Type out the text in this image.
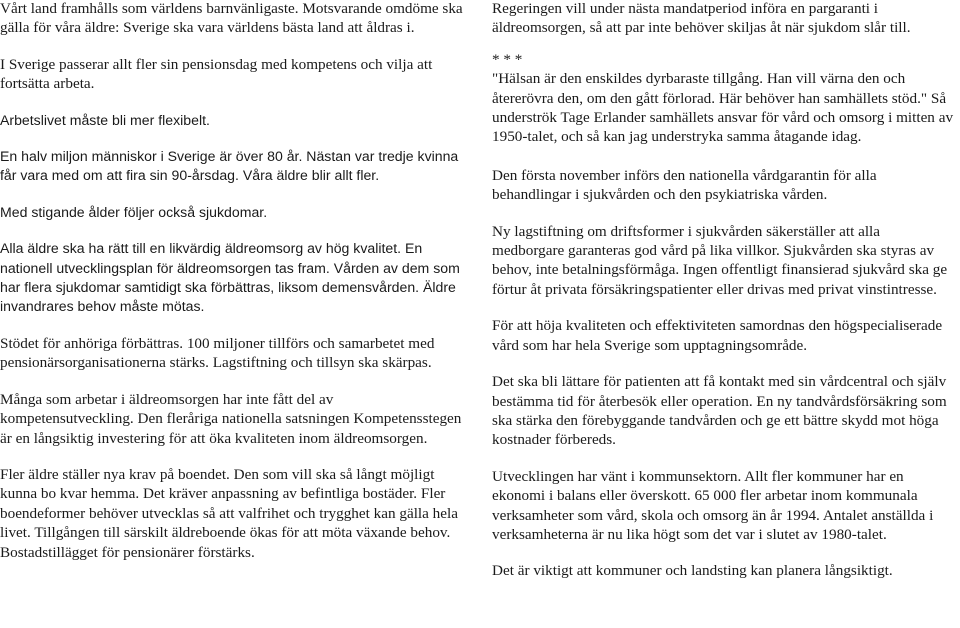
Vårt land framhålls som världens barnvänligaste. Motsvarande omdöme ska gälla för våra äldre: Sverige ska vara världens bästa land att åldras i.

I Sverige passerar allt fler sin pensionsdag med kompetens och vilja att fortsätta arbeta.

Arbetslivet måste bli mer flexibelt.

En halv miljon människor i Sverige är över 80 år. Nästan var tredje kvinna får vara med om att fira sin 90-årsdag. Våra äldre blir allt fler.

Med stigande ålder följer också sjukdomar.

Alla äldre ska ha rätt till en likvärdig äldreomsorg av hög kvalitet. En nationell utvecklingsplan för äldreomsorgen tas fram. Vården av dem som har flera sjukdomar samtidigt ska förbättras, liksom demensvården. Äldre invandrares behov måste mötas.

Stödet för anhöriga förbättras. 100 miljoner tillförs och samarbetet med pensionärsorganisationerna stärks. Lagstiftning och tillsyn ska skärpas.

Många som arbetar i äldreomsorgen har inte fått del av kompetensutveckling. Den fleråriga nationella satsningen Kompetensstegen är en långsiktig investering för att öka kvaliteten inom äldreomsorgen.

Fler äldre ställer nya krav på boendet. Den som vill ska så långt möjligt kunna bo kvar hemma. Det kräver anpassning av befintliga bostäder. Fler boendeformer behöver utvecklas så att valfrihet och trygghet kan gälla hela livet. Tillgången till särskilt äldreboende ökas för att möta växande behov. Bostadstillägget för pensionärer förstärks.

Regeringen vill under nästa mandatperiod införa en pargaranti i äldreomsorgen, så att par inte behöver skiljas åt när sjukdom slår till.

* * *

"Hälsan är den enskildes dyrbaraste tillgång. Han vill värna den och återerövra den, om den gått förlorad. Här behöver han samhällets stöd." Så underströk Tage Erlander samhällets ansvar för vård och omsorg i mitten av 1950-talet, och så kan jag understryka samma åtagande idag.

Den första november införs den nationella vårdgarantin för alla behandlingar i sjukvården och den psykiatriska vården.

Ny lagstiftning om driftsformer i sjukvården säkerställer att alla medborgare garanteras god vård på lika villkor. Sjukvården ska styras av behov, inte betalningsförmåga. Ingen offentligt finansierad sjukvård ska ge förtur åt privata försäkringspatienter eller drivas med privat vinstintresse.

För att höja kvaliteten och effektiviteten samordnas den högspecialiserade vård som har hela Sverige som upptagningsområde.

Det ska bli lättare för patienten att få kontakt med sin vårdcentral och själv bestämma tid för återbesök eller operation. En ny tandvårdsförsäkring som ska stärka den förebyggande tandvården och ge ett bättre skydd mot höga kostnader förbereds.

Utvecklingen har vänt i kommunsektorn. Allt fler kommuner har en ekonomi i balans eller överskott. 65 000 fler arbetar inom kommunala verksamheter som vård, skola och omsorg än år 1994. Antalet anställda i verksamheterna är nu lika högt som det var i slutet av 1980-talet.

Det är viktigt att kommuner och landsting kan planera långsiktigt.
